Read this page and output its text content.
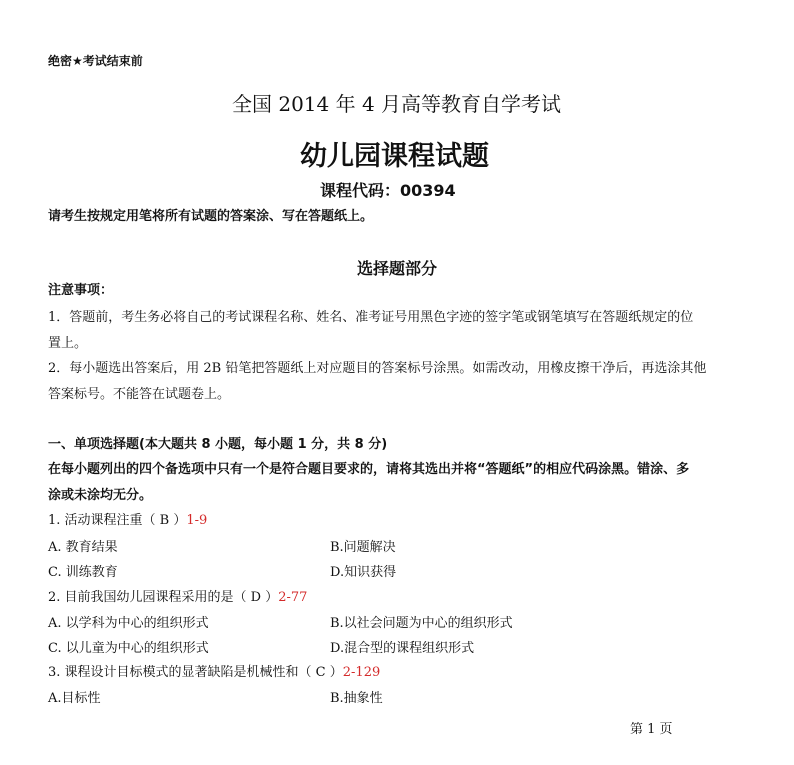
绝密★考试结束前
全国 2014 年 4 月高等教育自学考试
幼儿园课程试题
课程代码：00394
请考生按规定用笔将所有试题的答案涂、写在答题纸上。
选择题部分
注意事项：
1．答题前，考生务必将自己的考试课程名称、姓名、准考证号用黑色字迹的签字笔或钢笔填写在答题纸规定的位
置上。
2．每小题选出答案后，用 2B 铅笔把答题纸上对应题目的答案标号涂黑。如需改动，用橡皮擦干净后，再选涂其他
答案标号。不能答在试题卷上。
一、单项选择题(本大题共 8 小题，每小题 1 分，共 8 分)
在每小题列出的四个备选项中只有一个是符合题目要求的，请将其选出并将“答题纸”的相应代码涂黑。错涂、多
涂或未涂均无分。
1. 活动课程注重（ B ）1-9
A. 教育结果	B.问题解决
C. 训练教育	D.知识获得
2. 目前我国幼儿园课程采用的是（ D ）2-77
A. 以学科为中心的组织形式	B.以社会问题为中心的组织形式
C. 以儿童为中心的组织形式	D.混合型的课程组织形式
3. 课程设计目标模式的显著缺陷是机械性和（ C ）2-129
A.目标性	B.抽象性
第 1 页
